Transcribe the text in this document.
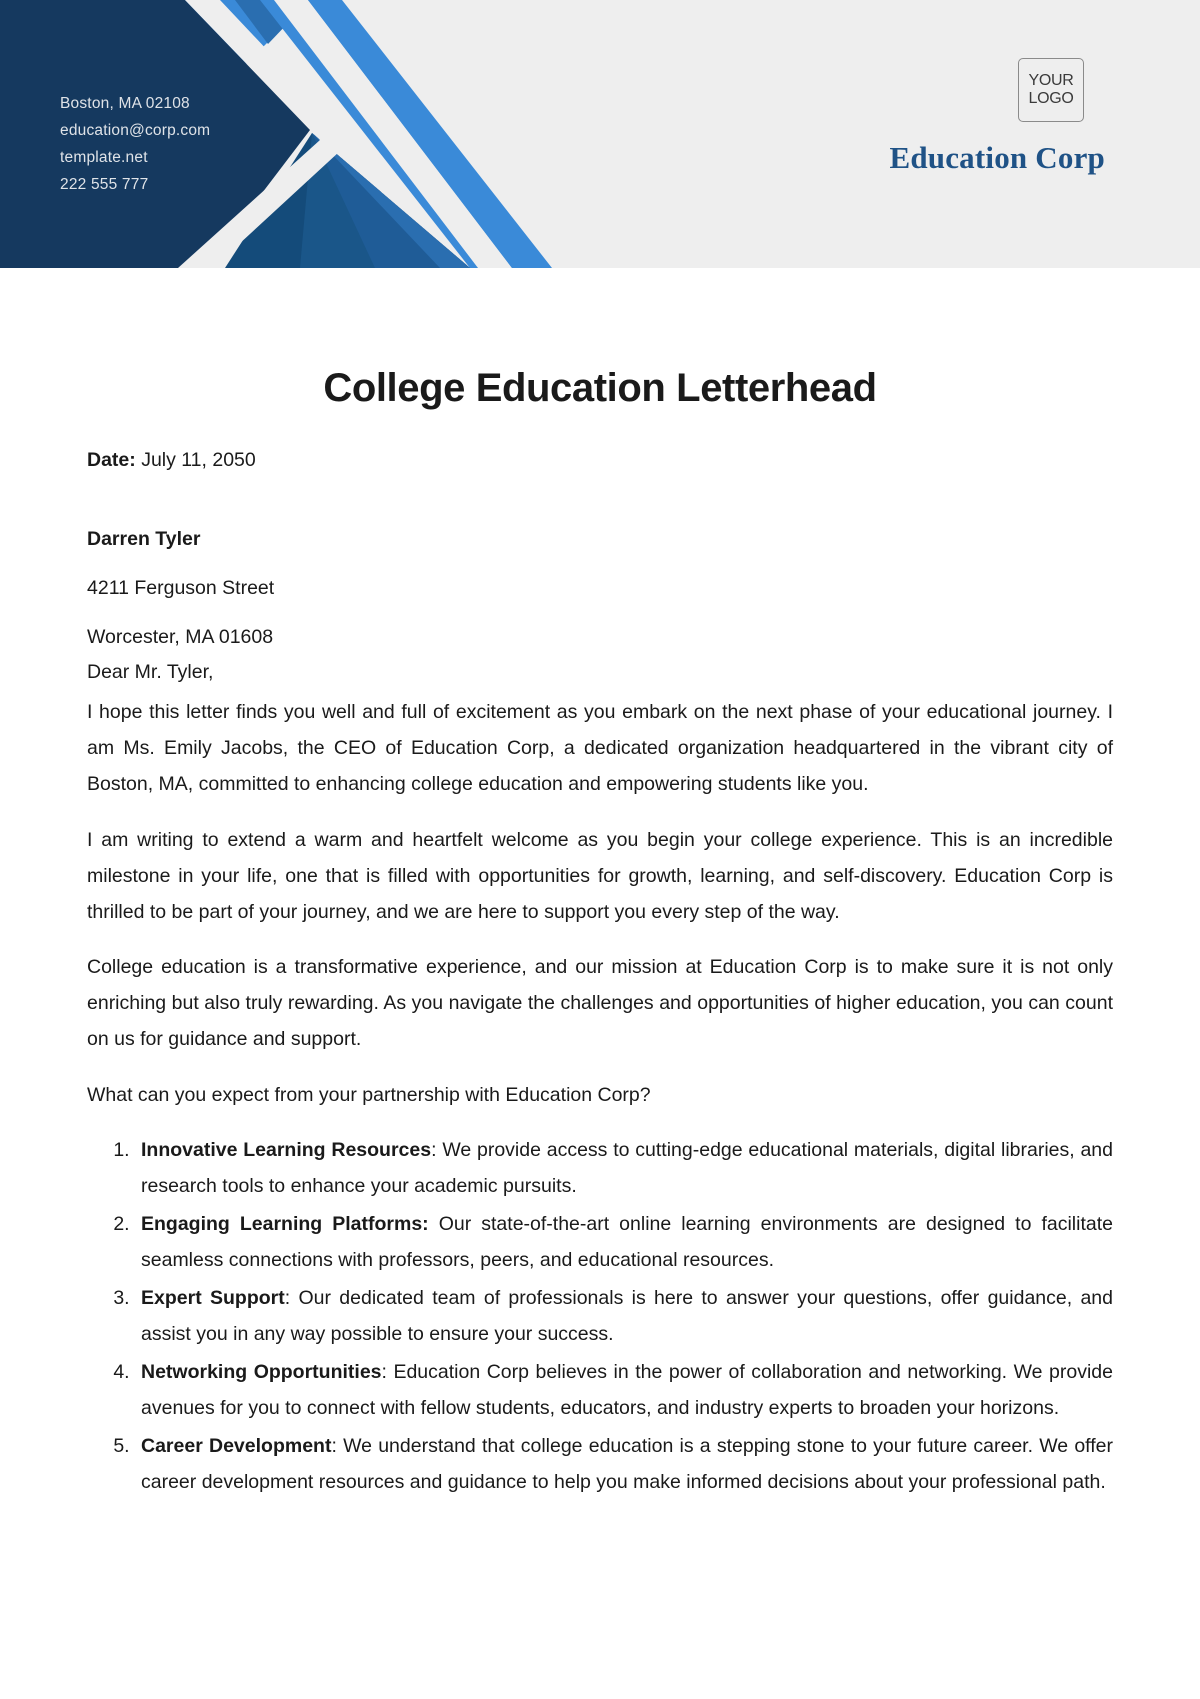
Boston, MA 02108
education@corp.com
template.net
222 555 777
YOUR
LOGO
Education Corp
College Education Letterhead
Date: July 11, 2050
Darren Tyler
4211 Ferguson Street
Worcester, MA 01608
Dear Mr. Tyler,

I hope this letter finds you well and full of excitement as you embark on the next phase of your educational journey. I am Ms. Emily Jacobs, the CEO of Education Corp, a dedicated organization headquartered in the vibrant city of Boston, MA, committed to enhancing college education and empowering students like you.

I am writing to extend a warm and heartfelt welcome as you begin your college experience. This is an incredible milestone in your life, one that is filled with opportunities for growth, learning, and self-discovery. Education Corp is thrilled to be part of your journey, and we are here to support you every step of the way.

College education is a transformative experience, and our mission at Education Corp is to make sure it is not only enriching but also truly rewarding. As you navigate the challenges and opportunities of higher education, you can count on us for guidance and support.

What can you expect from your partnership with Education Corp?

1. Innovative Learning Resources: We provide access to cutting-edge educational materials, digital libraries, and research tools to enhance your academic pursuits.
2. Engaging Learning Platforms: Our state-of-the-art online learning environments are designed to facilitate seamless connections with professors, peers, and educational resources.
3. Expert Support: Our dedicated team of professionals is here to answer your questions, offer guidance, and assist you in any way possible to ensure your success.
4. Networking Opportunities: Education Corp believes in the power of collaboration and networking. We provide avenues for you to connect with fellow students, educators, and industry experts to broaden your horizons.
5. Career Development: We understand that college education is a stepping stone to your future career. We offer career development resources and guidance to help you make informed decisions about your professional path.
